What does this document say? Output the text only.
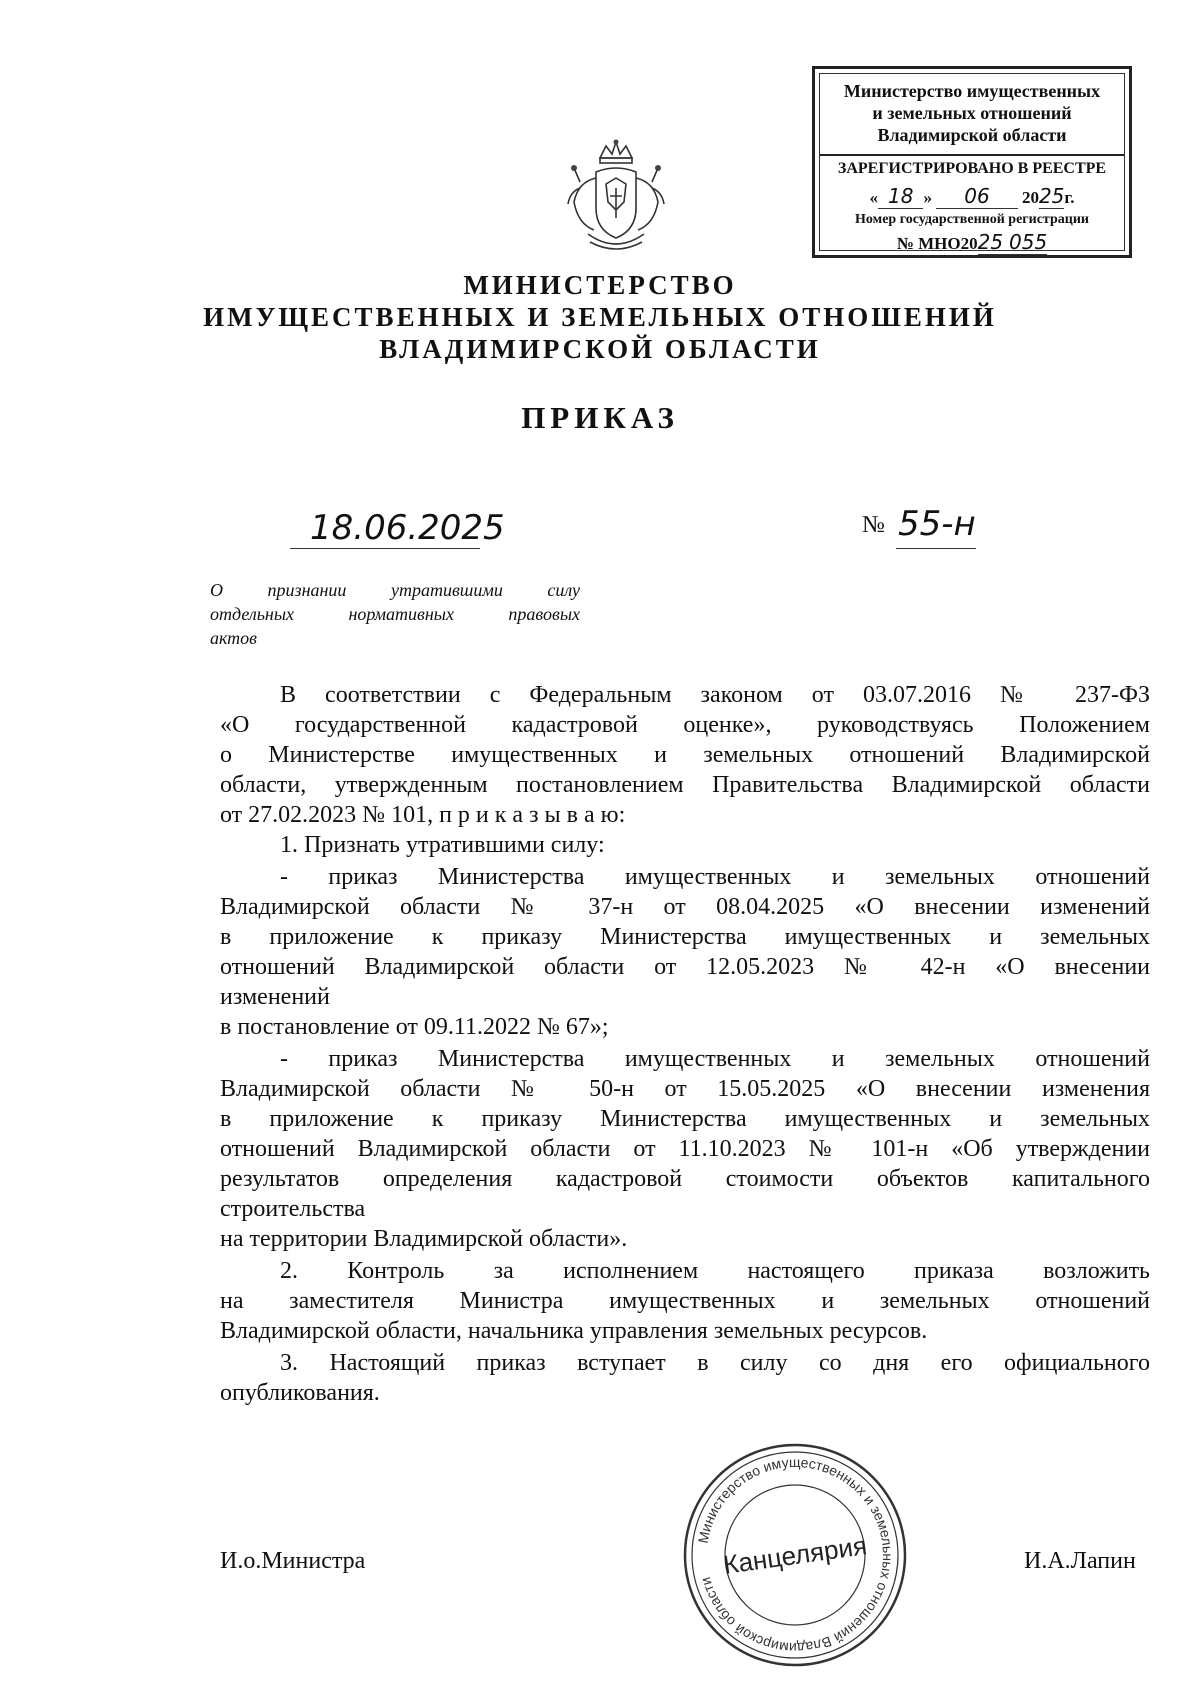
Министерство имущественных
и земельных отношений
Владимирской области
ЗАРЕГИСТРИРОВАНО В РЕЕСТРЕ
« 18 » 06 2025г.
Номер государственной регистрации
№ МНО2025 055
МИНИСТЕРСТВО
ИМУЩЕСТВЕННЫХ И ЗЕМЕЛЬНЫХ ОТНОШЕНИЙ
ВЛАДИМИРСКОЙ ОБЛАСТИ
ПРИКАЗ
18.06.2025	№ 55-н
О признании утратившими силу
отдельных нормативных правовых
актов
В соответствии с Федеральным законом от 03.07.2016 № 237-ФЗ
«О государственной кадастровой оценке», руководствуясь Положением
о Министерстве имущественных и земельных отношений Владимирской
области, утвержденным постановлением Правительства Владимирской области
от 27.02.2023 № 101, п р и к а з ы в а ю:
1. Признать утратившими силу:
- приказ Министерства имущественных и земельных отношений
Владимирской области № 37-н от 08.04.2025 «О внесении изменений
в приложение к приказу Министерства имущественных и земельных
отношений Владимирской области от 12.05.2023 № 42-н «О внесении
изменений
в постановление от 09.11.2022 № 67»;
- приказ Министерства имущественных и земельных отношений
Владимирской области № 50-н от 15.05.2025 «О внесении изменения
в приложение к приказу Министерства имущественных и земельных
отношений Владимирской области от 11.10.2023 № 101-н «Об утверждении
результатов определения кадастровой стоимости объектов капитального
строительства
на территории Владимирской области».
2. Контроль за исполнением настоящего приказа возложить
на заместителя Министра имущественных и земельных отношений
Владимирской области, начальника управления земельных ресурсов.
3. Настоящий приказ вступает в силу со дня его официального
опубликования.
И.о.Министра	И.А.Лапин
Министерство имущественных и земельных отношений Владимирской области
Канцелярия
